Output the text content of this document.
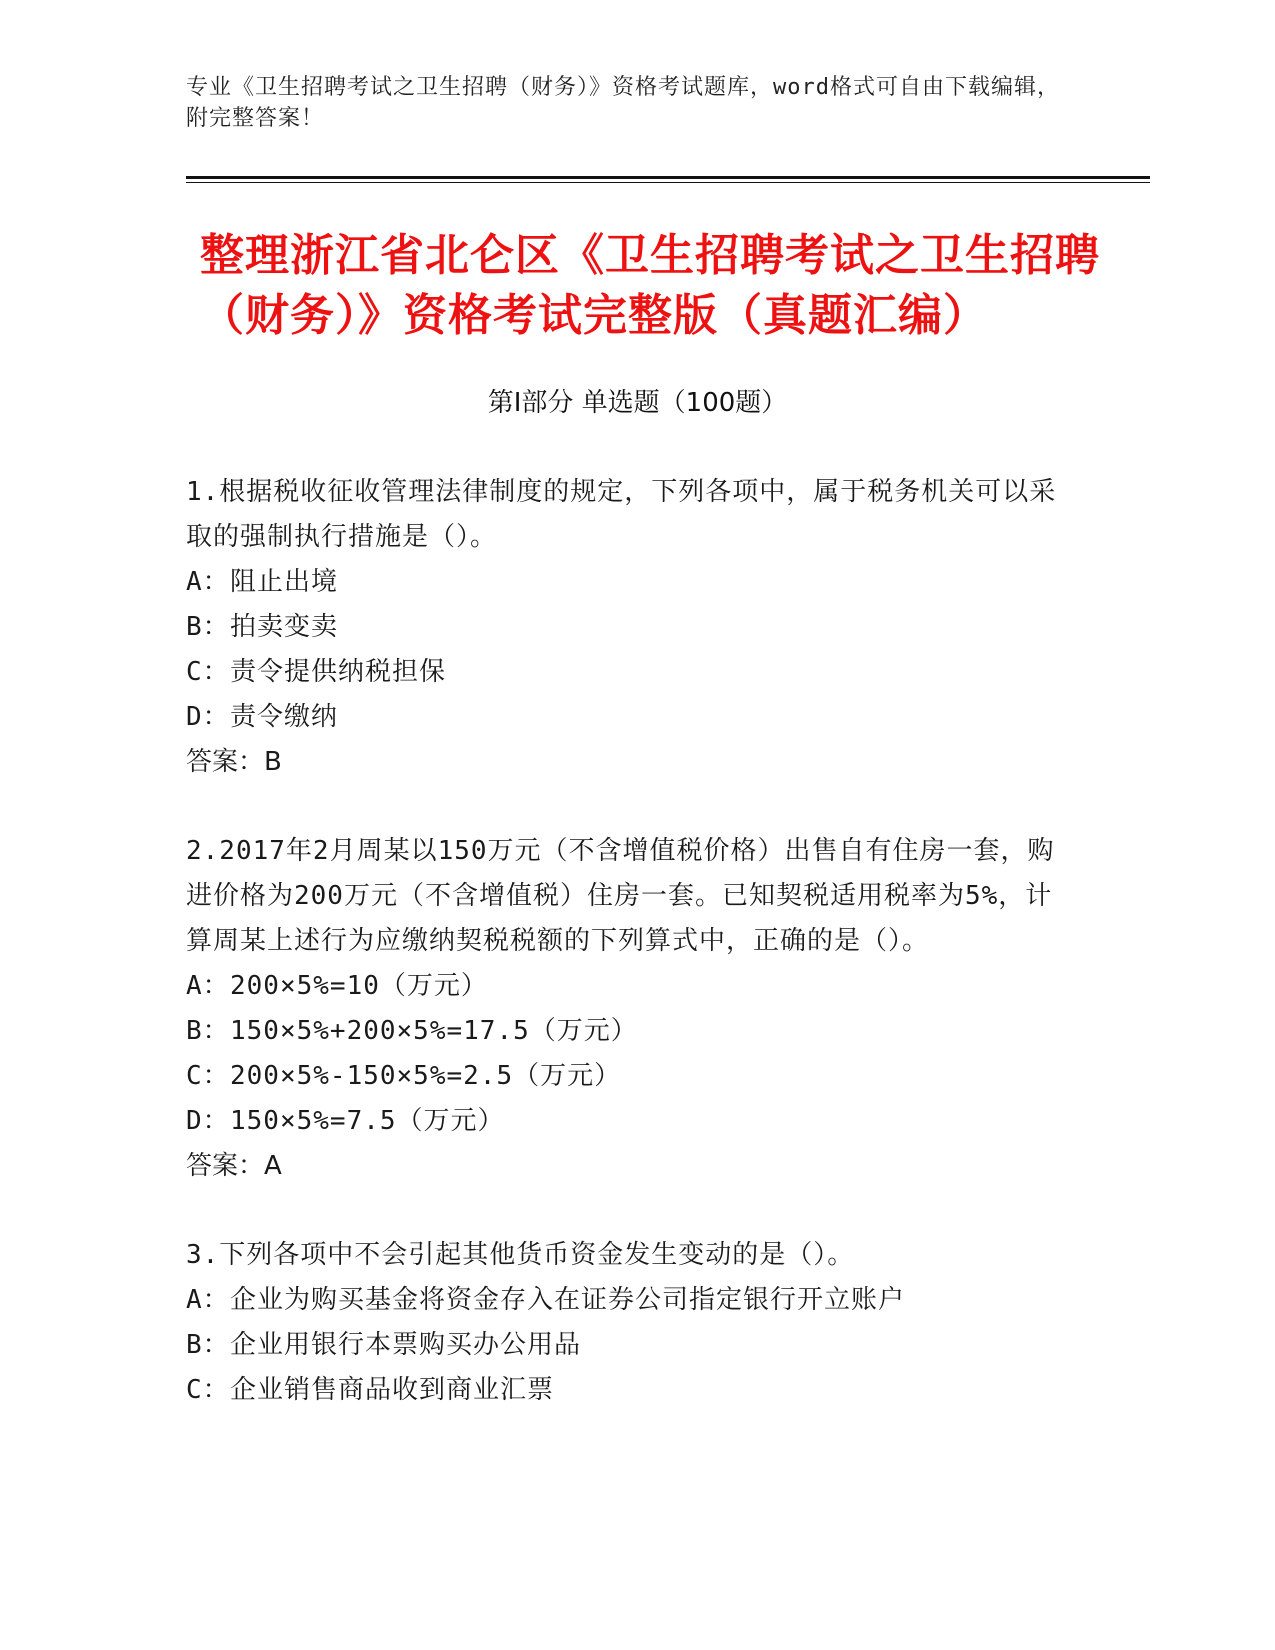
专业《卫生招聘考试之卫生招聘（财务）》资格考试题库，word格式可自由下载编辑，附完整答案！
整理浙江省北仑区《卫生招聘考试之卫生招聘（财务）》资格考试完整版（真题汇编）
第Ⅰ部分 单选题（100题）

1.根据税收征收管理法律制度的规定，下列各项中，属于税务机关可以采取的强制执行措施是（）。

A：阻止出境

B：拍卖变卖

C：责令提供纳税担保

D：责令缴纳

答案：B

2.2017年2月周某以150万元（不含增值税价格）出售自有住房一套，购进价格为200万元（不含增值税）住房一套。已知契税适用税率为5%，计算周某上述行为应缴纳契税税额的下列算式中，正确的是（）。

A：200×5%=10（万元）

B：150×5%+200×5%=17.5（万元）

C：200×5%-150×5%=2.5（万元）

D：150×5%=7.5（万元）

答案：A

3.下列各项中不会引起其他货币资金发生变动的是（）。

A：企业为购买基金将资金存入在证券公司指定银行开立账户

B：企业用银行本票购买办公用品

C：企业销售商品收到商业汇票
